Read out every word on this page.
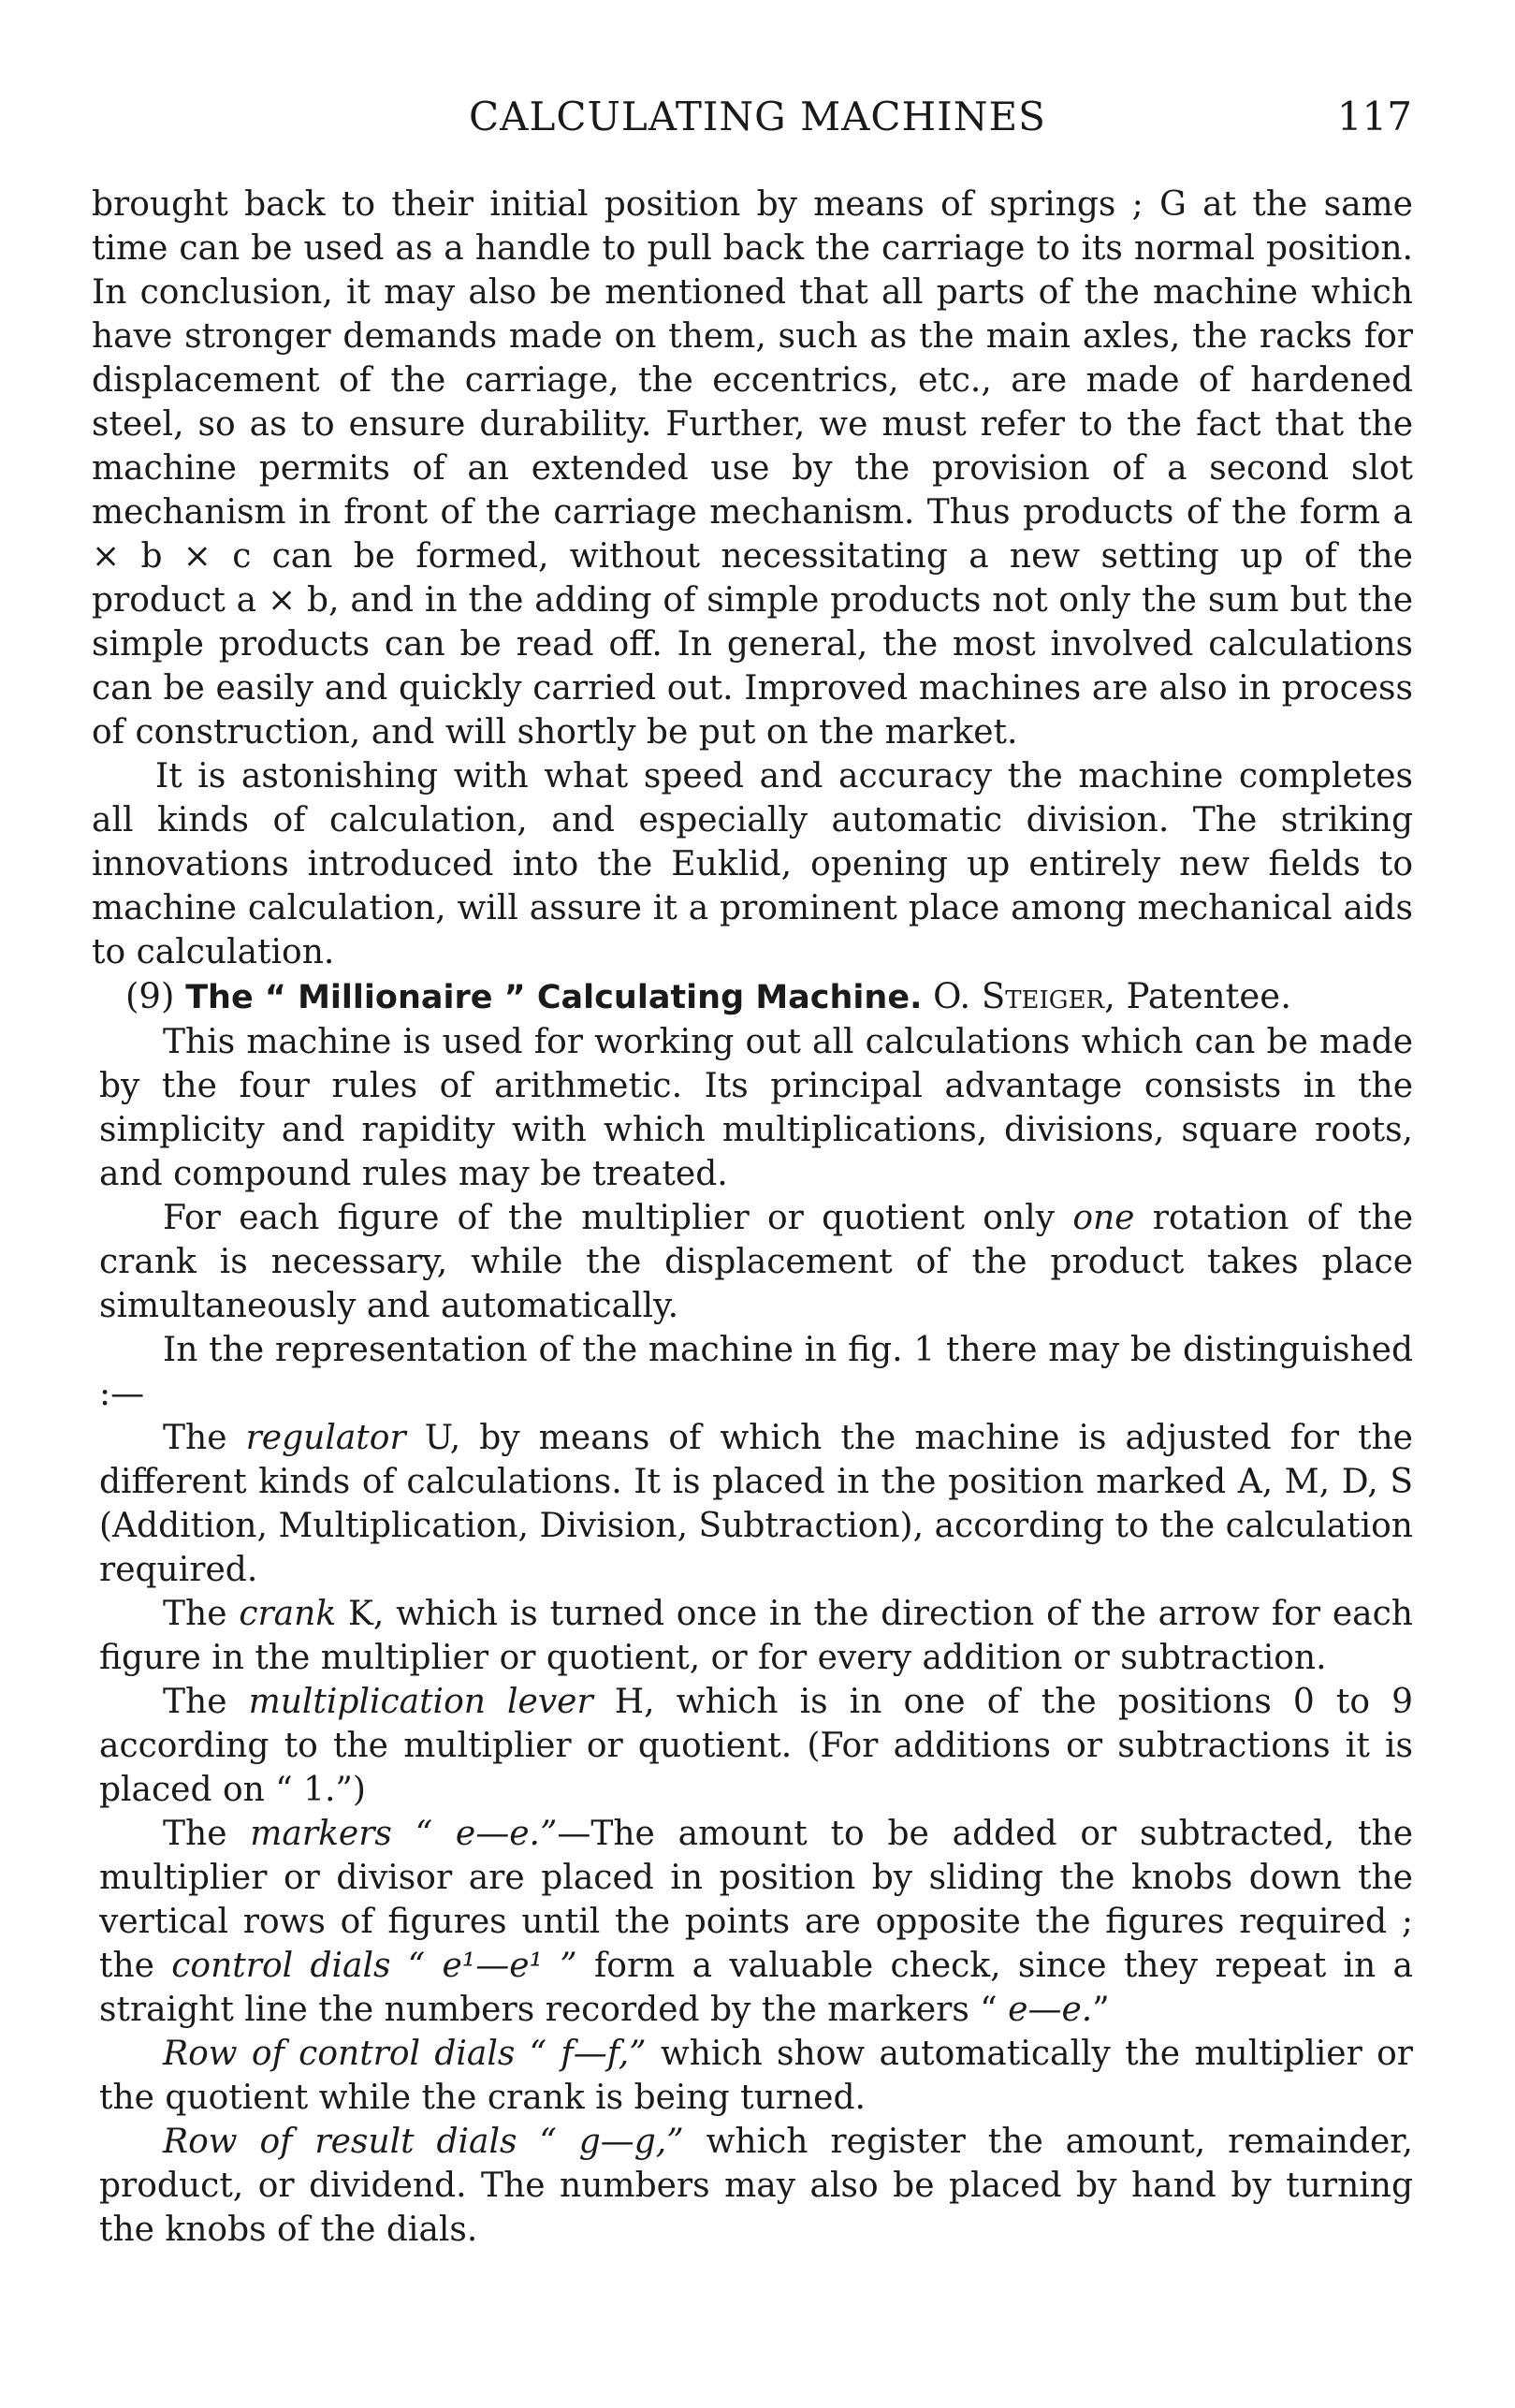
CALCULATING MACHINES	117

brought back to their initial position by means of springs ; G at the same time can be used as a handle to pull back the carriage to its normal position. In conclusion, it may also be mentioned that all parts of the machine which have stronger demands made on them, such as the main axles, the racks for displacement of the carriage, the eccentrics, etc., are made of hardened steel, so as to ensure durability. Further, we must refer to the fact that the machine permits of an extended use by the provision of a second slot mechanism in front of the carriage mechanism. Thus products of the form a × b × c can be formed, without necessitating a new setting up of the product a × b, and in the adding of simple products not only the sum but the simple products can be read off. In general, the most involved calculations can be easily and quickly carried out. Improved machines are also in process of construction, and will shortly be put on the market.

It is astonishing with what speed and accuracy the machine completes all kinds of calculation, and especially automatic division. The striking innovations introduced into the Euklid, opening up entirely new fields to machine calculation, will assure it a prominent place among mechanical aids to calculation.

(9) The “ Millionaire ” Calculating Machine. O. Steiger, Patentee.

This machine is used for working out all calculations which can be made by the four rules of arithmetic. Its principal advantage consists in the simplicity and rapidity with which multiplications, divisions, square roots, and compound rules may be treated.

For each figure of the multiplier or quotient only one rotation of the crank is necessary, while the displacement of the product takes place simultaneously and automatically.

In the representation of the machine in fig. 1 there may be distinguished :—

The regulator U, by means of which the machine is adjusted for the different kinds of calculations. It is placed in the position marked A, M, D, S (Addition, Multiplication, Division, Subtraction), according to the calculation required.

The crank K, which is turned once in the direction of the arrow for each figure in the multiplier or quotient, or for every addition or subtraction.

The multiplication lever H, which is in one of the positions 0 to 9 according to the multiplier or quotient. (For additions or subtractions it is placed on “ 1.”)

The markers “ e—e.”—The amount to be added or subtracted, the multiplier or divisor are placed in position by sliding the knobs down the vertical rows of figures until the points are opposite the figures required ; the control dials “ e¹—e¹ ” form a valuable check, since they repeat in a straight line the numbers recorded by the markers “ e—e.”

Row of control dials “ f—f,” which show automatically the multiplier or the quotient while the crank is being turned.

Row of result dials “ g—g,” which register the amount, remainder, product, or dividend. The numbers may also be placed by hand by turning the knobs of the dials.
